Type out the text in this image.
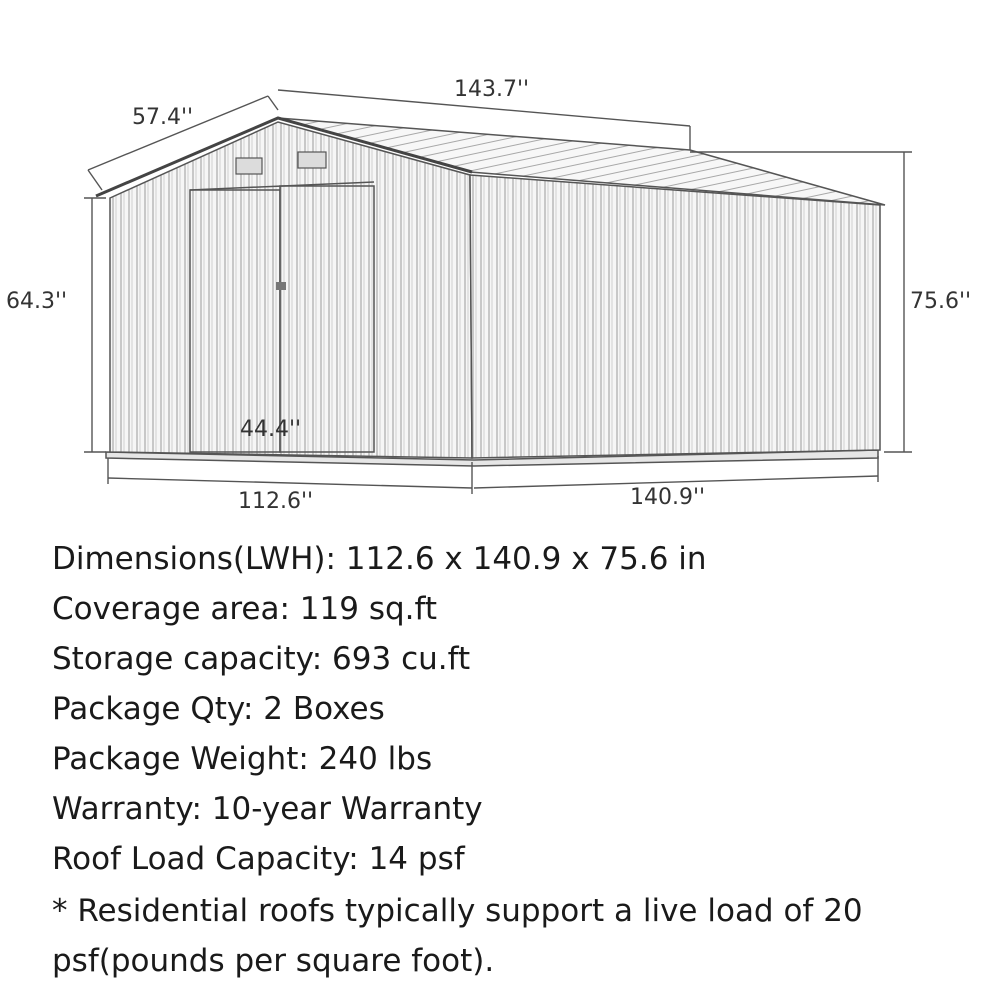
57.4''
143.7''
64.3''	75.6''
44.4''
112.6''	140.9''
Dimensions(LWH): 112.6 x 140.9 x 75.6 in
Coverage area: 119 sq.ft
Storage capacity: 693 cu.ft
Package Qty: 2 Boxes
Package Weight: 240 lbs
Warranty: 10-year Warranty
Roof Load Capacity: 14 psf

* Residential roofs typically support a live load of 20 psf(pounds per square foot).
